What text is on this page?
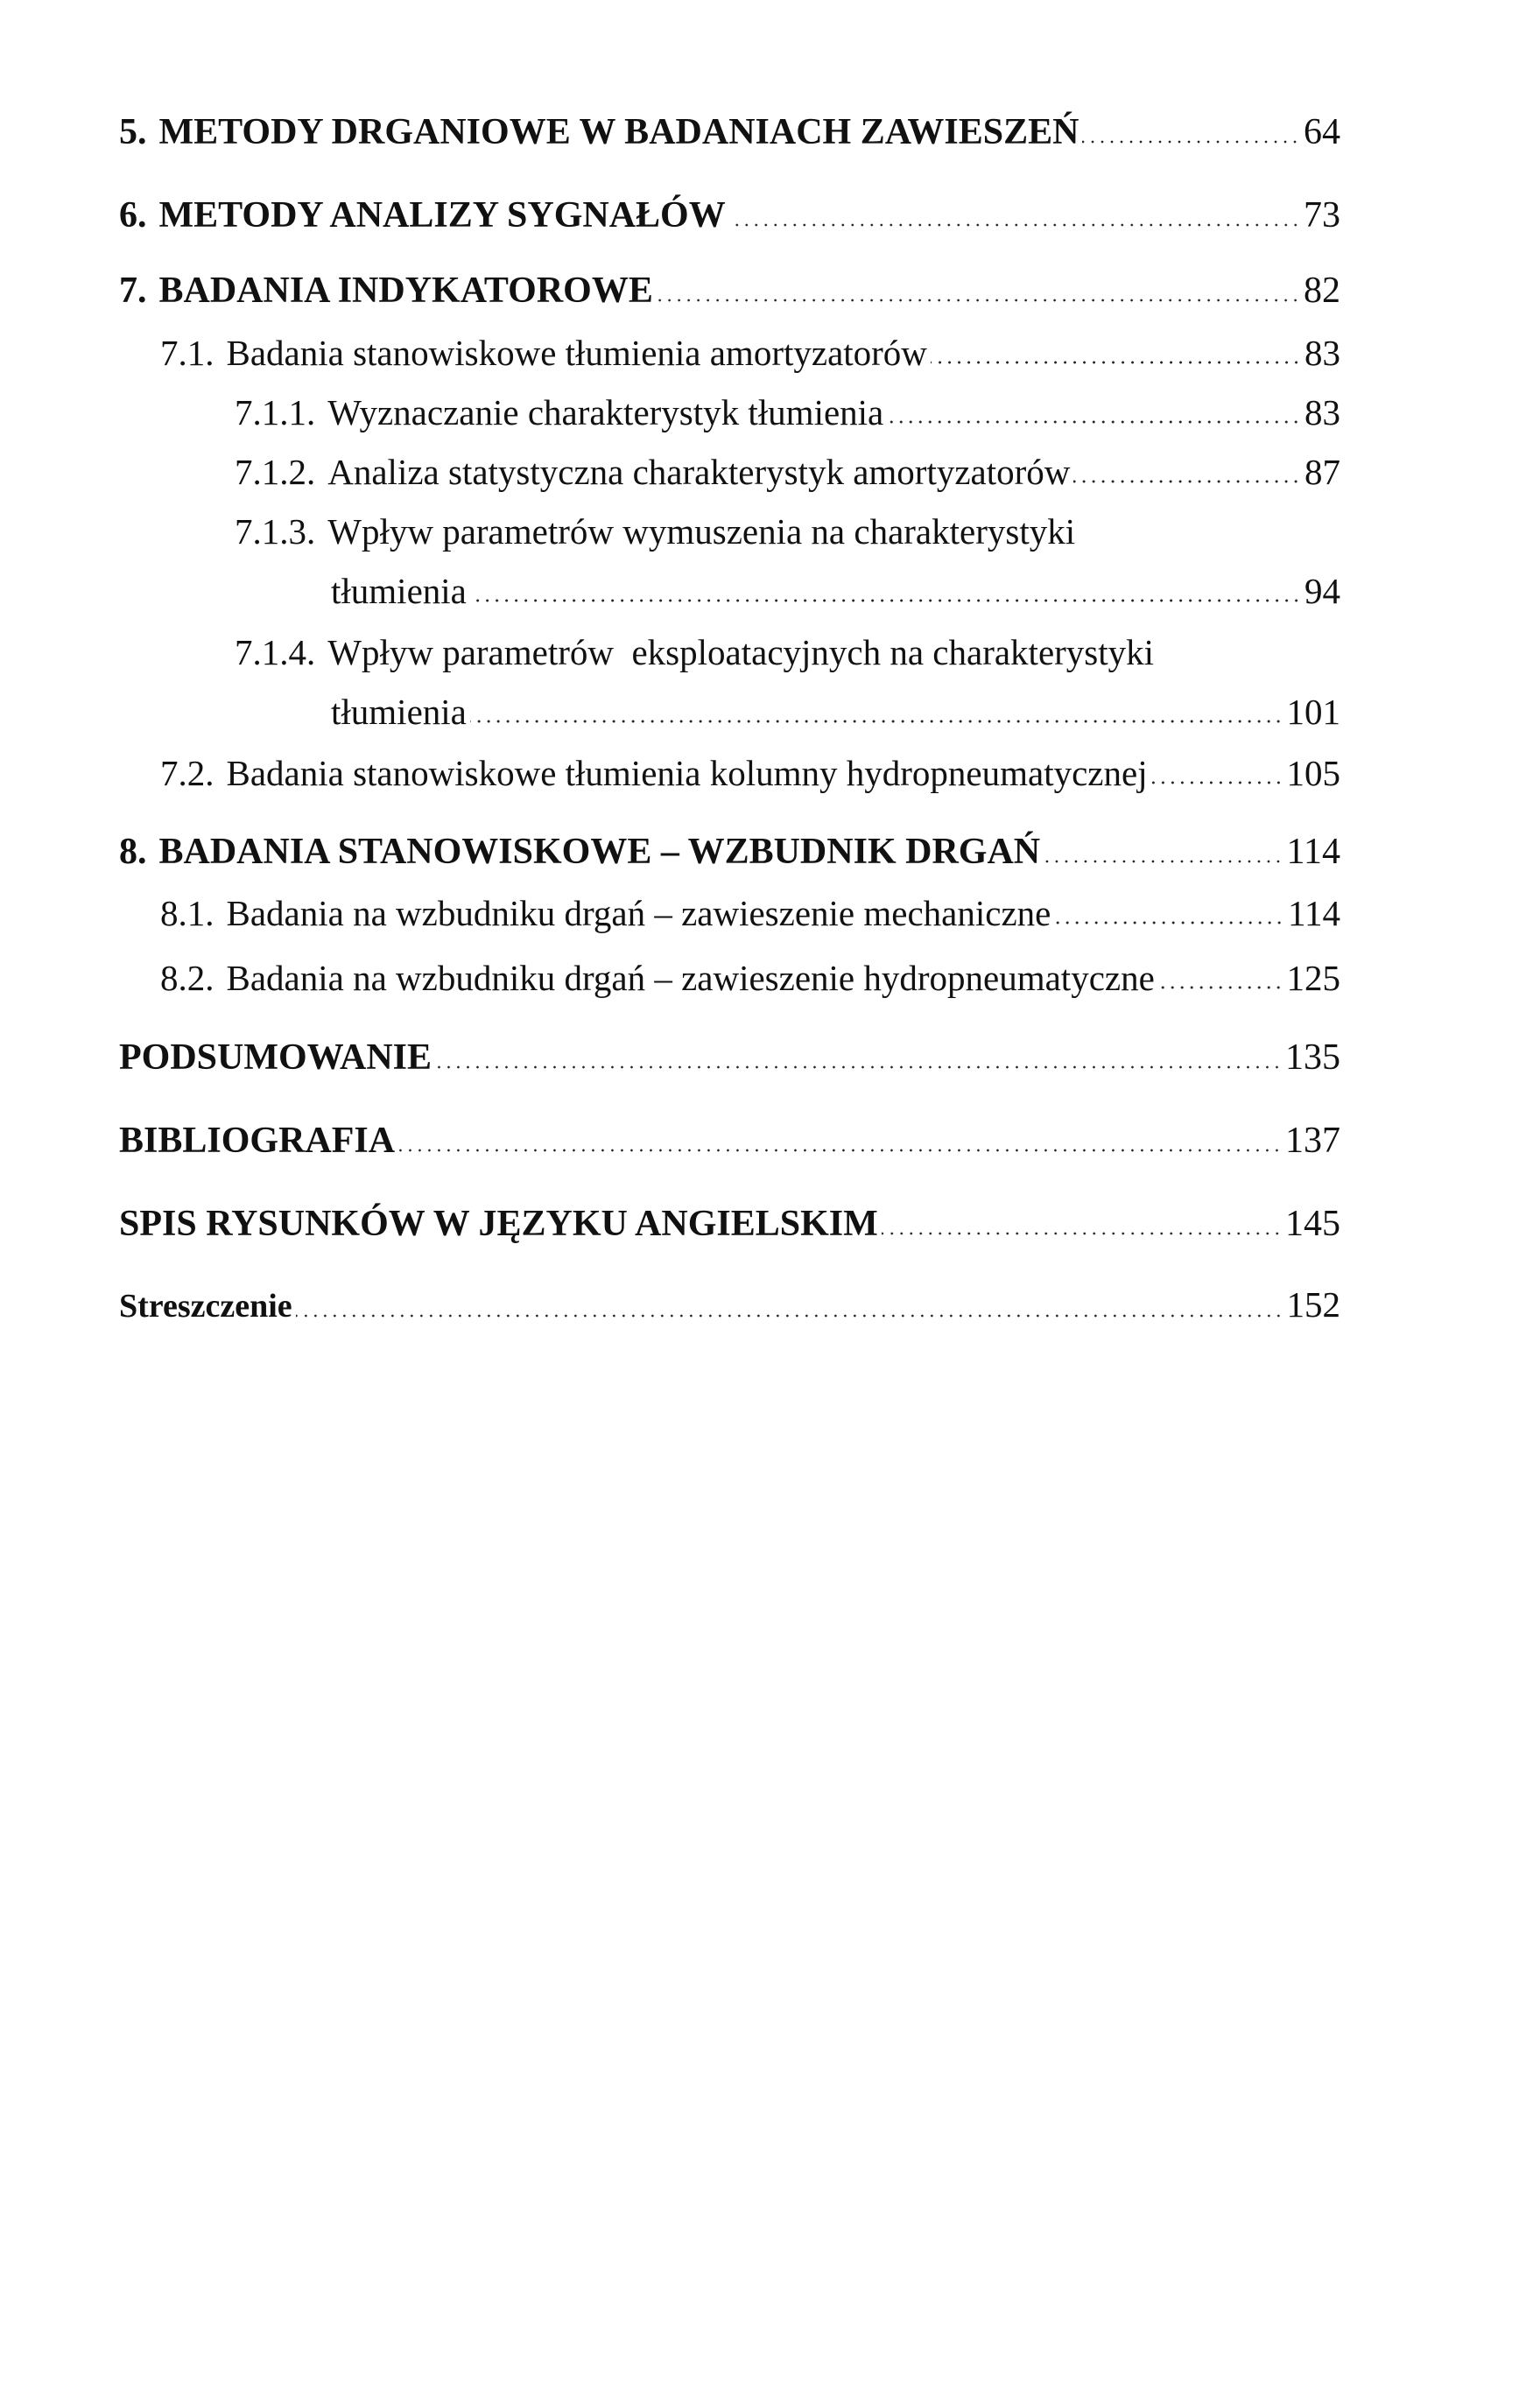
5. METODY DRGANIOWE W BADANIACH ZAWIESZEŃ	64
6. METODY ANALIZY SYGNAŁÓW	73
7. BADANIA INDYKATOROWE	82
7.1. Badania stanowiskowe tłumienia amortyzatorów	83
7.1.1. Wyznaczanie charakterystyk tłumienia	83
7.1.2. Analiza statystyczna charakterystyk amortyzatorów	87
7.1.3. Wpływ parametrów wymuszenia na charakterystyki
tłumienia	94
7.1.4. Wpływ parametrów  eksploatacyjnych na charakterystyki
tłumienia	101
7.2. Badania stanowiskowe tłumienia kolumny hydropneumatycznej	105
8. BADANIA STANOWISKOWE – WZBUDNIK DRGAŃ	114
8.1. Badania na wzbudniku drgań – zawieszenie mechaniczne	114
8.2. Badania na wzbudniku drgań – zawieszenie hydropneumatyczne	125
PODSUMOWANIE	135
BIBLIOGRAFIA	137
SPIS RYSUNKÓW W JĘZYKU ANGIELSKIM	145
Streszczenie	152
